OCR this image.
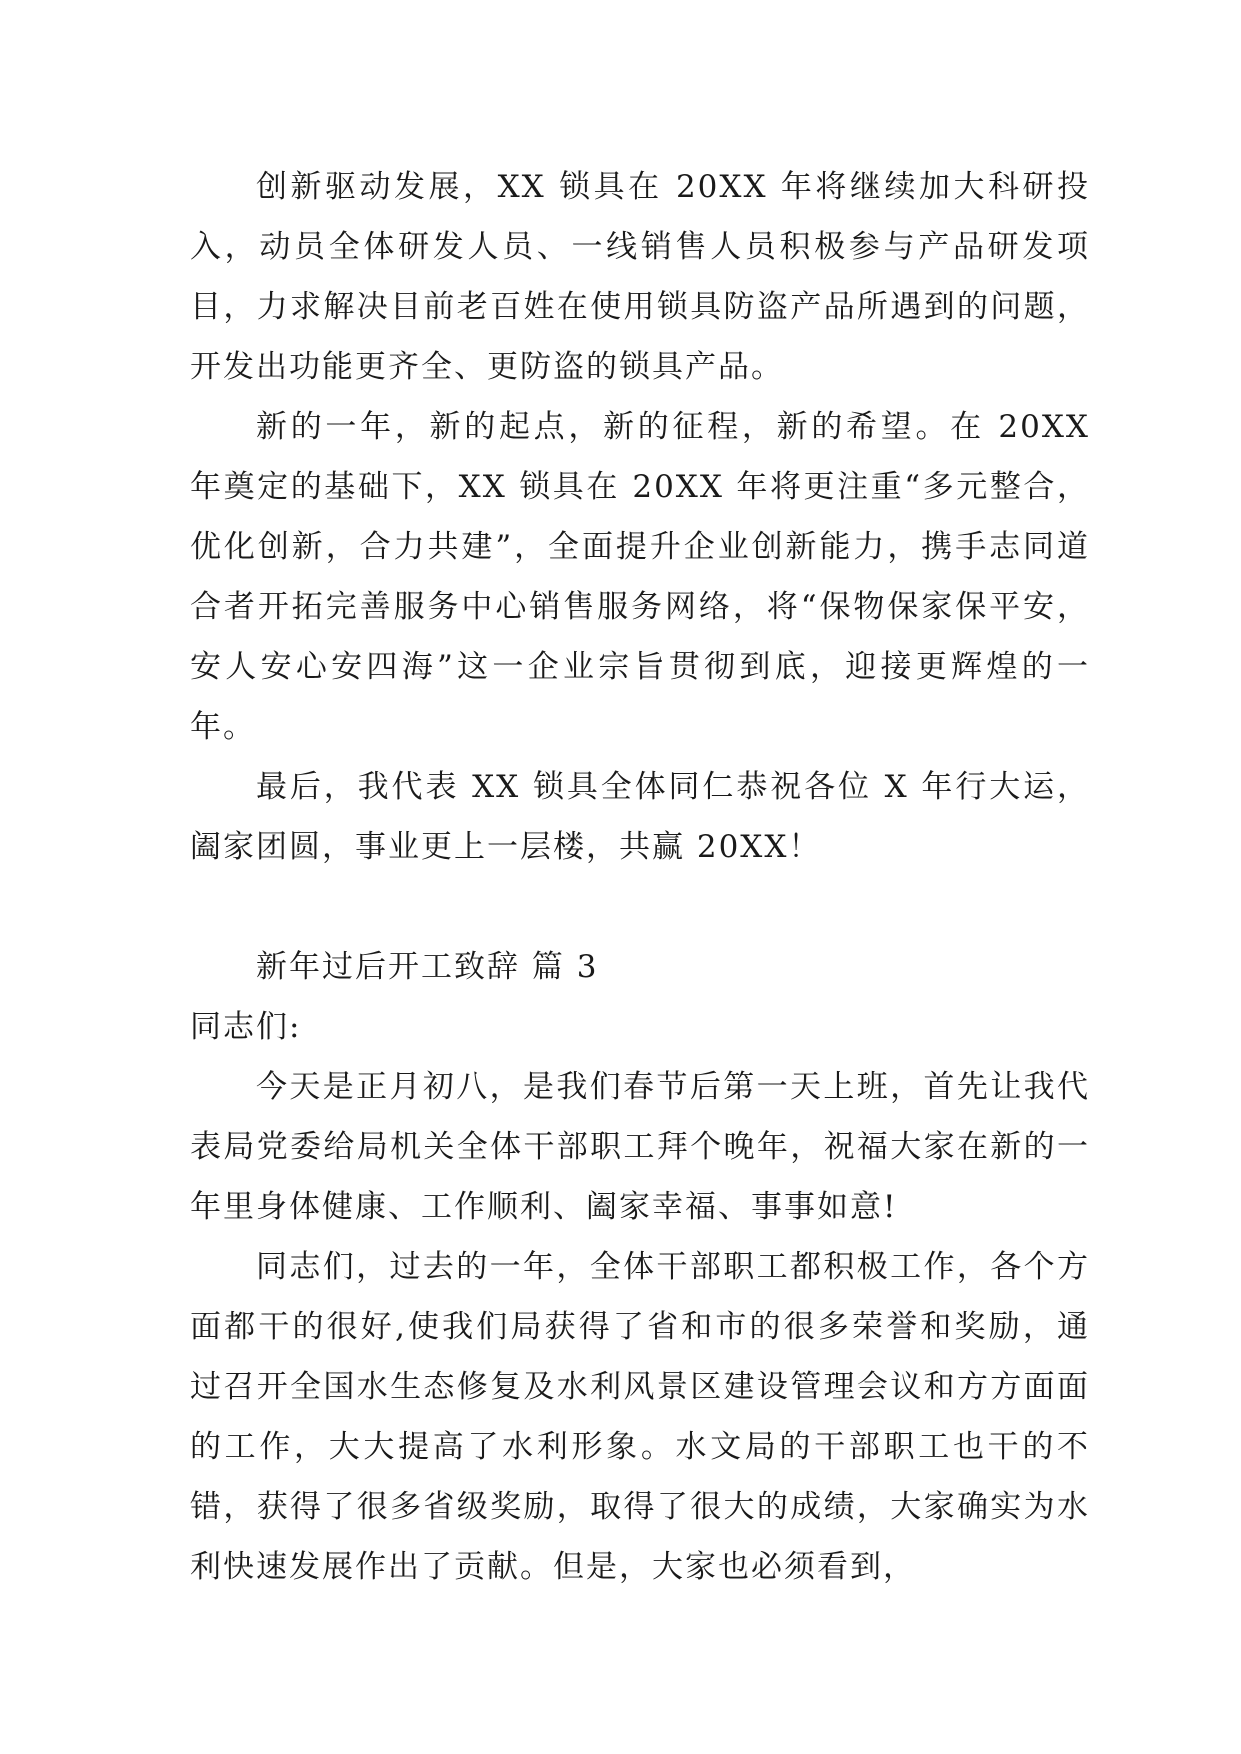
创新驱动发展，XX 锁具在 20XX 年将继续加大科研投入，动员全体研发人员、一线销售人员积极参与产品研发项目，力求解决目前老百姓在使用锁具防盗产品所遇到的问题，开发出功能更齐全、更防盗的锁具产品。

新的一年，新的起点，新的征程，新的希望。在 20XX 年奠定的基础下，XX 锁具在 20XX 年将更注重“多元整合，优化创新，合力共建”，全面提升企业创新能力，携手志同道合者开拓完善服务中心销售服务网络，将“保物保家保平安，安人安心安四海”这一企业宗旨贯彻到底，迎接更辉煌的一年。

最后，我代表 XX 锁具全体同仁恭祝各位 X 年行大运，阖家团圆，事业更上一层楼，共赢 20XX！

新年过后开工致辞 篇 3

同志们:

今天是正月初八，是我们春节后第一天上班，首先让我代表局党委给局机关全体干部职工拜个晚年，祝福大家在新的一年里身体健康、工作顺利、阖家幸福、事事如意!

同志们，过去的一年，全体干部职工都积极工作，各个方面都干的很好,使我们局获得了省和市的很多荣誉和奖励，通过召开全国水生态修复及水利风景区建设管理会议和方方面面的工作，大大提高了水利形象。水文局的干部职工也干的不错，获得了很多省级奖励，取得了很大的成绩，大家确实为水利快速发展作出了贡献。但是，大家也必须看到，
